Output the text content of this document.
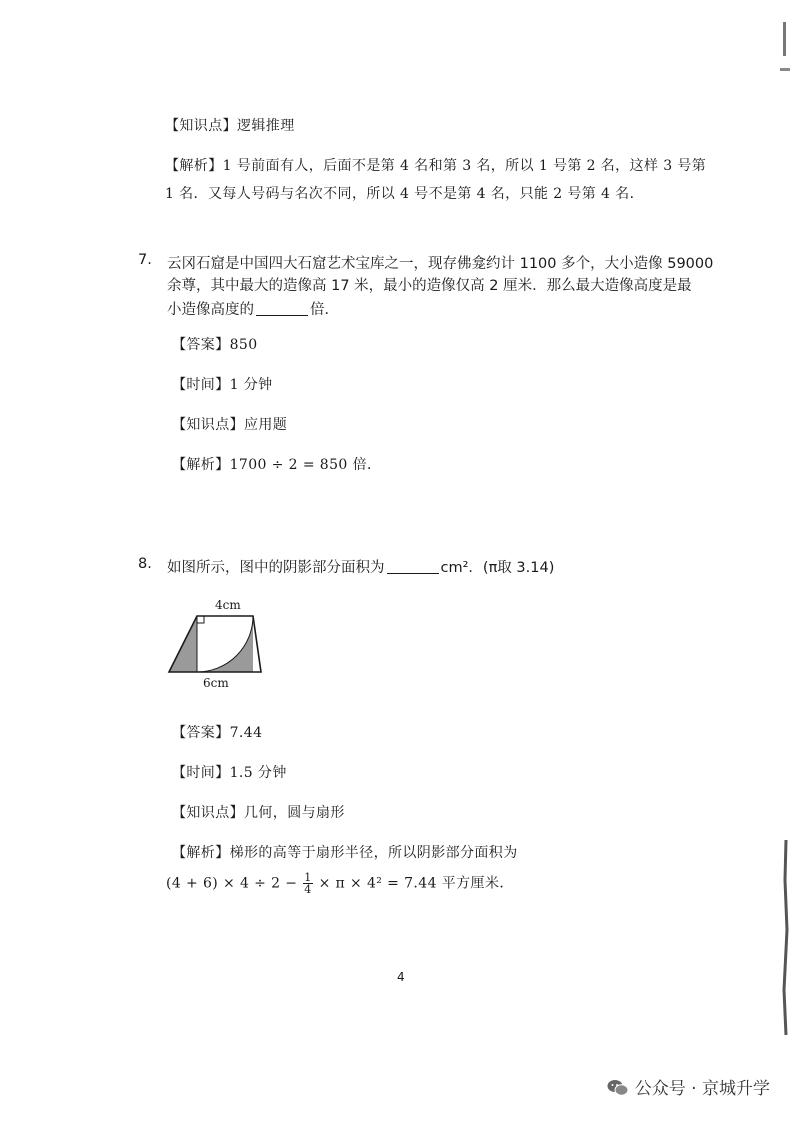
【知识点】逻辑推理
【解析】1 号前面有人，后面不是第 4 名和第 3 名，所以 1 号第 2 名，这样 3 号第
1 名．又每人号码与名次不同，所以 4 号不是第 4 名，只能 2 号第 4 名．
7. 云冈石窟是中国四大石窟艺术宝库之一，现存佛龛约计 1100 多个，大小造像 59000
余尊，其中最大的造像高 17 米，最小的造像仅高 2 厘米．那么最大造像高度是最
小造像高度的	倍．
【答案】850
【时间】1 分钟
【知识点】应用题
【解析】1700 ÷ 2 = 850 倍．
8. 如图所示，图中的阴影部分面积为	cm²．(π取 3.14)
4cm
6cm
【答案】7.44
【时间】1.5 分钟
【知识点】几何，圆与扇形
【解析】梯形的高等于扇形半径，所以阴影部分面积为
$(4 + 6) \times 4 \div 2 - \frac{1}{4} \times \pi \times 4^2 = 7.44$ 平方厘米．
4
公众号 · 京城升学
